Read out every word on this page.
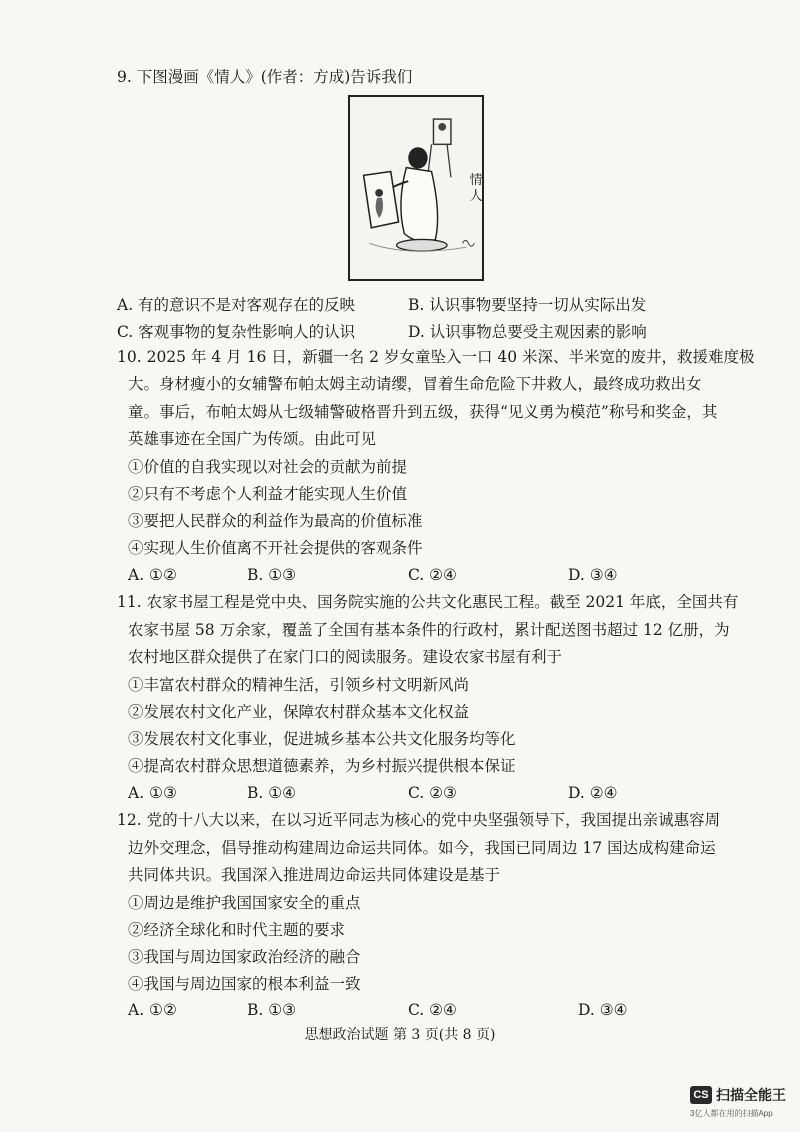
9. 下图漫画《情人》(作者：方成)告诉我们
情人
A. 有的意识不是对客观存在的反映	B. 认识事物要坚持一切从实际出发
C. 客观事物的复杂性影响人的认识	D. 认识事物总要受主观因素的影响
10. 2025 年 4 月 16 日，新疆一名 2 岁女童坠入一口 40 米深、半米宽的废井，救援难度极
大。身材瘦小的女辅警布帕太姆主动请缨，冒着生命危险下井救人，最终成功救出女
童。事后，布帕太姆从七级辅警破格晋升到五级，获得“见义勇为模范”称号和奖金，其
英雄事迹在全国广为传颂。由此可见
①价值的自我实现以对社会的贡献为前提
②只有不考虑个人利益才能实现人生价值
③要把人民群众的利益作为最高的价值标准
④实现人生价值离不开社会提供的客观条件
A. ①②	B. ①③	C. ②④	D. ③④
11. 农家书屋工程是党中央、国务院实施的公共文化惠民工程。截至 2021 年底，全国共有
农家书屋 58 万余家，覆盖了全国有基本条件的行政村，累计配送图书超过 12 亿册，为
农村地区群众提供了在家门口的阅读服务。建设农家书屋有利于
①丰富农村群众的精神生活，引领乡村文明新风尚
②发展农村文化产业，保障农村群众基本文化权益
③发展农村文化事业，促进城乡基本公共文化服务均等化
④提高农村群众思想道德素养，为乡村振兴提供根本保证
A. ①③	B. ①④	C. ②③	D. ②④
12. 党的十八大以来，在以习近平同志为核心的党中央坚强领导下，我国提出亲诚惠容周
边外交理念，倡导推动构建周边命运共同体。如今，我国已同周边 17 国达成构建命运
共同体共识。我国深入推进周边命运共同体建设是基于
①周边是维护我国国家安全的重点
②经济全球化和时代主题的要求
③我国与周边国家政治经济的融合
④我国与周边国家的根本利益一致
A. ①②	B. ①③	C. ②④	D. ③④
思想政治试题 第 3 页(共 8 页)
CS 扫描全能王
3亿人都在用的扫描App
